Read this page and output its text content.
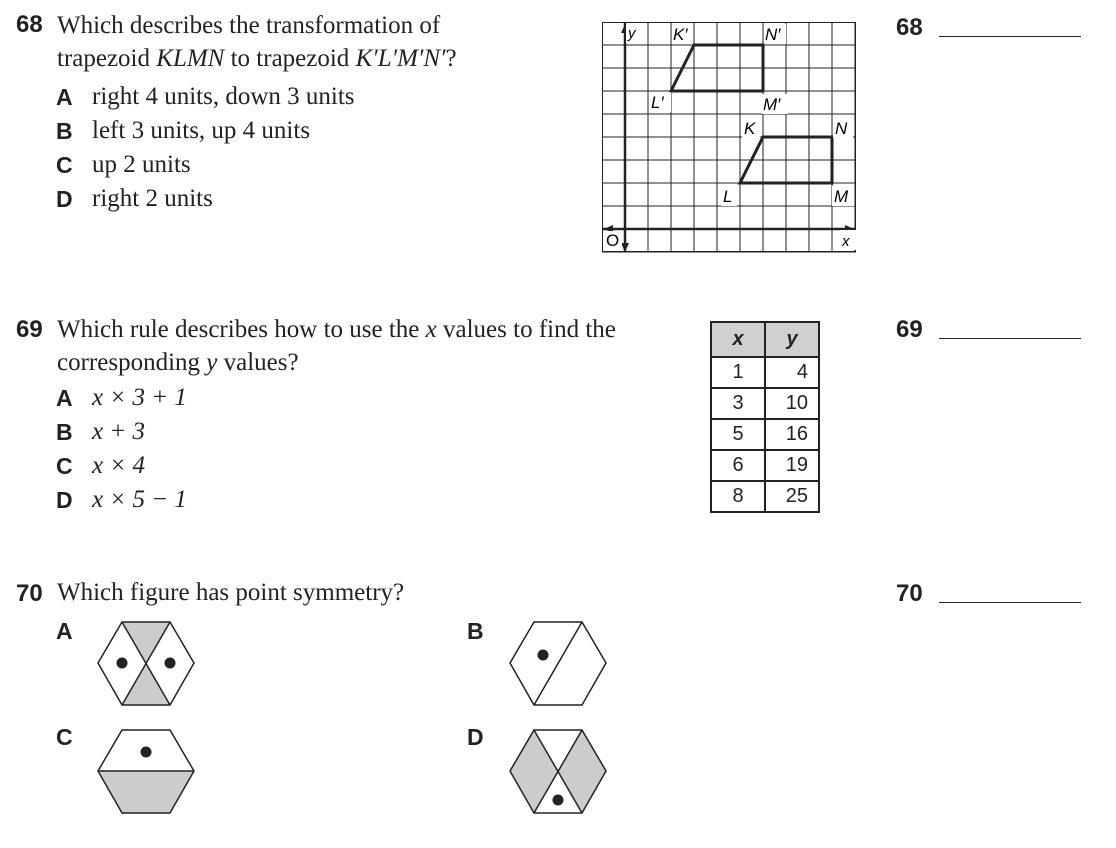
68 Which describes the transformation of
trapezoid KLMN to trapezoid K′L′M′N′?
A right 4 units, down 3 units
B left 3 units, up 4 units
C up 2 units
D right 2 units
y
x
O
K′	N′
L′	M′
K	N
L	M
68
69 Which rule describes how to use the x values to find the
corresponding y values?
A x × 3 + 1
B x + 3
C x × 4
D x × 5 − 1
x	y
1	4
3	10
5	16
6	19
8	25
69
70 Which figure has point symmetry?	70
A	B
C	D
